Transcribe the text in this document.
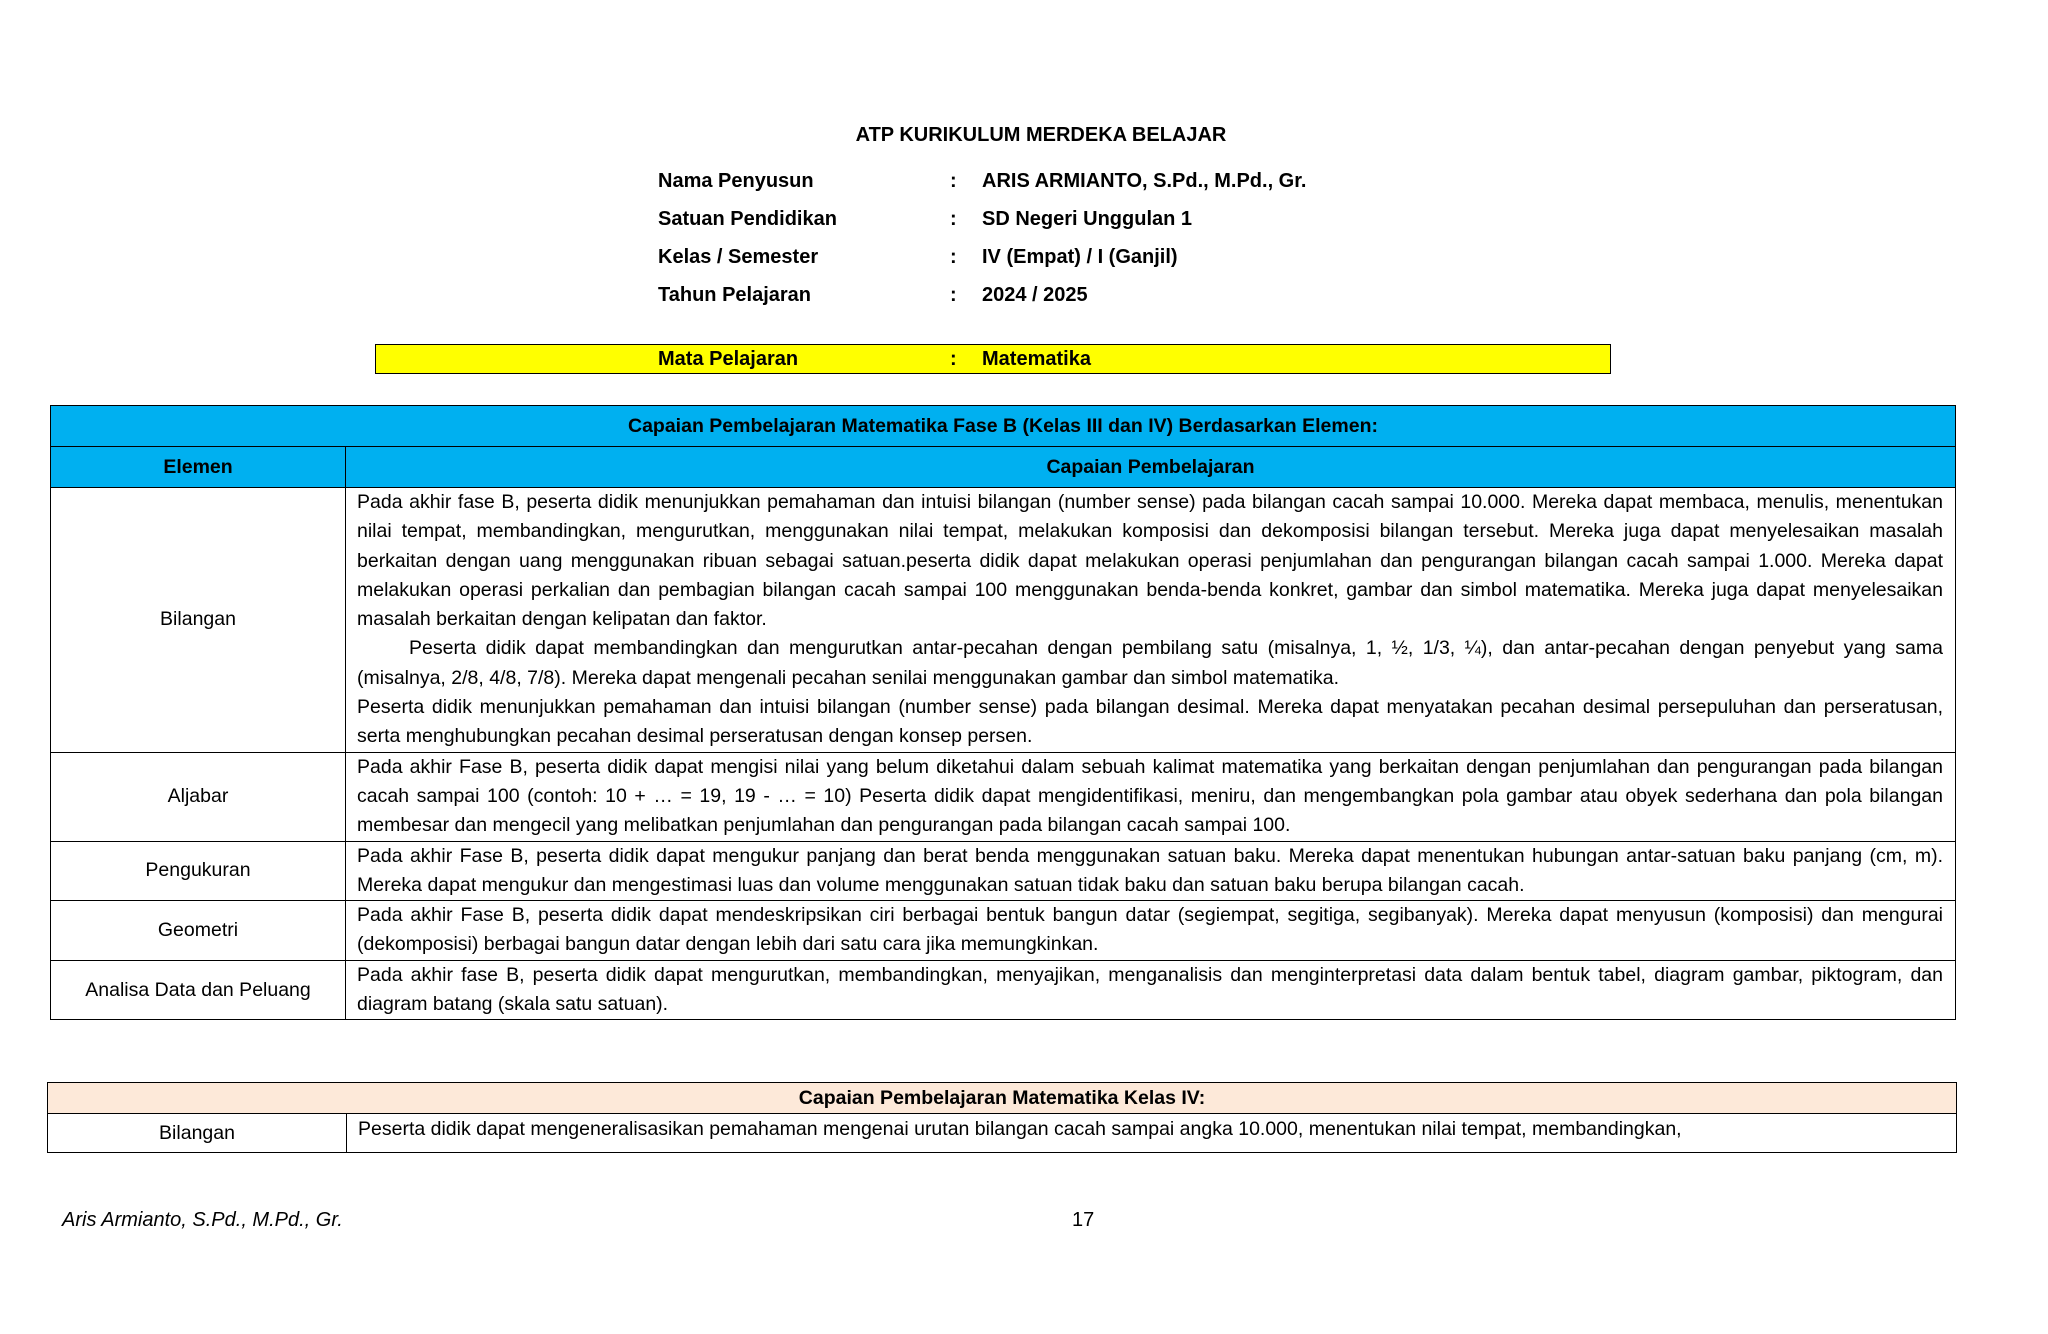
ATP KURIKULUM MERDEKA BELAJAR
Nama Penyusun	:	ARIS ARMIANTO, S.Pd., M.Pd., Gr.
Satuan Pendidikan	:	SD Negeri Unggulan 1
Kelas / Semester	:	IV (Empat) / I (Ganjil)
Tahun Pelajaran	:	2024 / 2025
Mata Pelajaran	:	Matematika
Capaian Pembelajaran Matematika Fase B (Kelas III dan IV) Berdasarkan Elemen:	
Elemen	Capaian Pembelajaran
Bilangan	Pada akhir fase B, peserta didik menunjukkan pemahaman dan intuisi bilangan (number sense) pada bilangan cacah sampai 10.000. Mereka dapat membaca, menulis, menentukan nilai tempat, membandingkan, mengurutkan, menggunakan nilai tempat, melakukan komposisi dan dekomposisi bilangan tersebut. Mereka juga dapat menyelesaikan masalah berkaitan dengan uang menggunakan ribuan sebagai satuan.peserta didik dapat melakukan operasi penjumlahan dan pengurangan bilangan cacah sampai 1.000. Mereka dapat melakukan operasi perkalian dan pembagian bilangan cacah sampai 100 menggunakan benda-benda konkret, gambar dan simbol matematika. Mereka juga dapat menyelesaikan masalah berkaitan dengan kelipatan dan faktor.

Peserta didik dapat membandingkan dan mengurutkan antar-pecahan dengan pembilang satu (misalnya, 1, ½, 1/3, ¼), dan antar-pecahan dengan penyebut yang sama (misalnya, 2/8, 4/8, 7/8). Mereka dapat mengenali pecahan senilai menggunakan gambar dan simbol matematika.

Peserta didik menunjukkan pemahaman dan intuisi bilangan (number sense) pada bilangan desimal. Mereka dapat menyatakan pecahan desimal persepuluhan dan perseratusan, serta menghubungkan pecahan desimal perseratusan dengan konsep persen.

Aljabar	Pada akhir Fase B, peserta didik dapat mengisi nilai yang belum diketahui dalam sebuah kalimat matematika yang berkaitan dengan penjumlahan dan pengurangan pada bilangan cacah sampai 100 (contoh: 10 + … = 19, 19 - … = 10) Peserta didik dapat mengidentifikasi, meniru, dan mengembangkan pola gambar atau obyek sederhana dan pola bilangan membesar dan mengecil yang melibatkan penjumlahan dan pengurangan pada bilangan cacah sampai 100.

Pengukuran	Pada akhir Fase B, peserta didik dapat mengukur panjang dan berat benda menggunakan satuan baku. Mereka dapat menentukan hubungan antar-satuan baku panjang (cm, m). Mereka dapat mengukur dan mengestimasi luas dan volume menggunakan satuan tidak baku dan satuan baku berupa bilangan cacah.

Geometri	Pada akhir Fase B, peserta didik dapat mendeskripsikan ciri berbagai bentuk bangun datar (segiempat, segitiga, segibanyak). Mereka dapat menyusun (komposisi) dan mengurai (dekomposisi) berbagai bangun datar dengan lebih dari satu cara jika memungkinkan.

Analisa Data dan Peluang	Pada akhir fase B, peserta didik dapat mengurutkan, membandingkan, menyajikan, menganalisis dan menginterpretasi data dalam bentuk tabel, diagram gambar, piktogram, dan diagram batang (skala satu satuan).

Capaian Pembelajaran Matematika Kelas IV:
Bilangan	Peserta didik dapat mengeneralisasikan pemahaman mengenai urutan bilangan cacah sampai angka 10.000, menentukan nilai tempat, membandingkan,

Aris Armianto, S.Pd., M.Pd., Gr.	17
